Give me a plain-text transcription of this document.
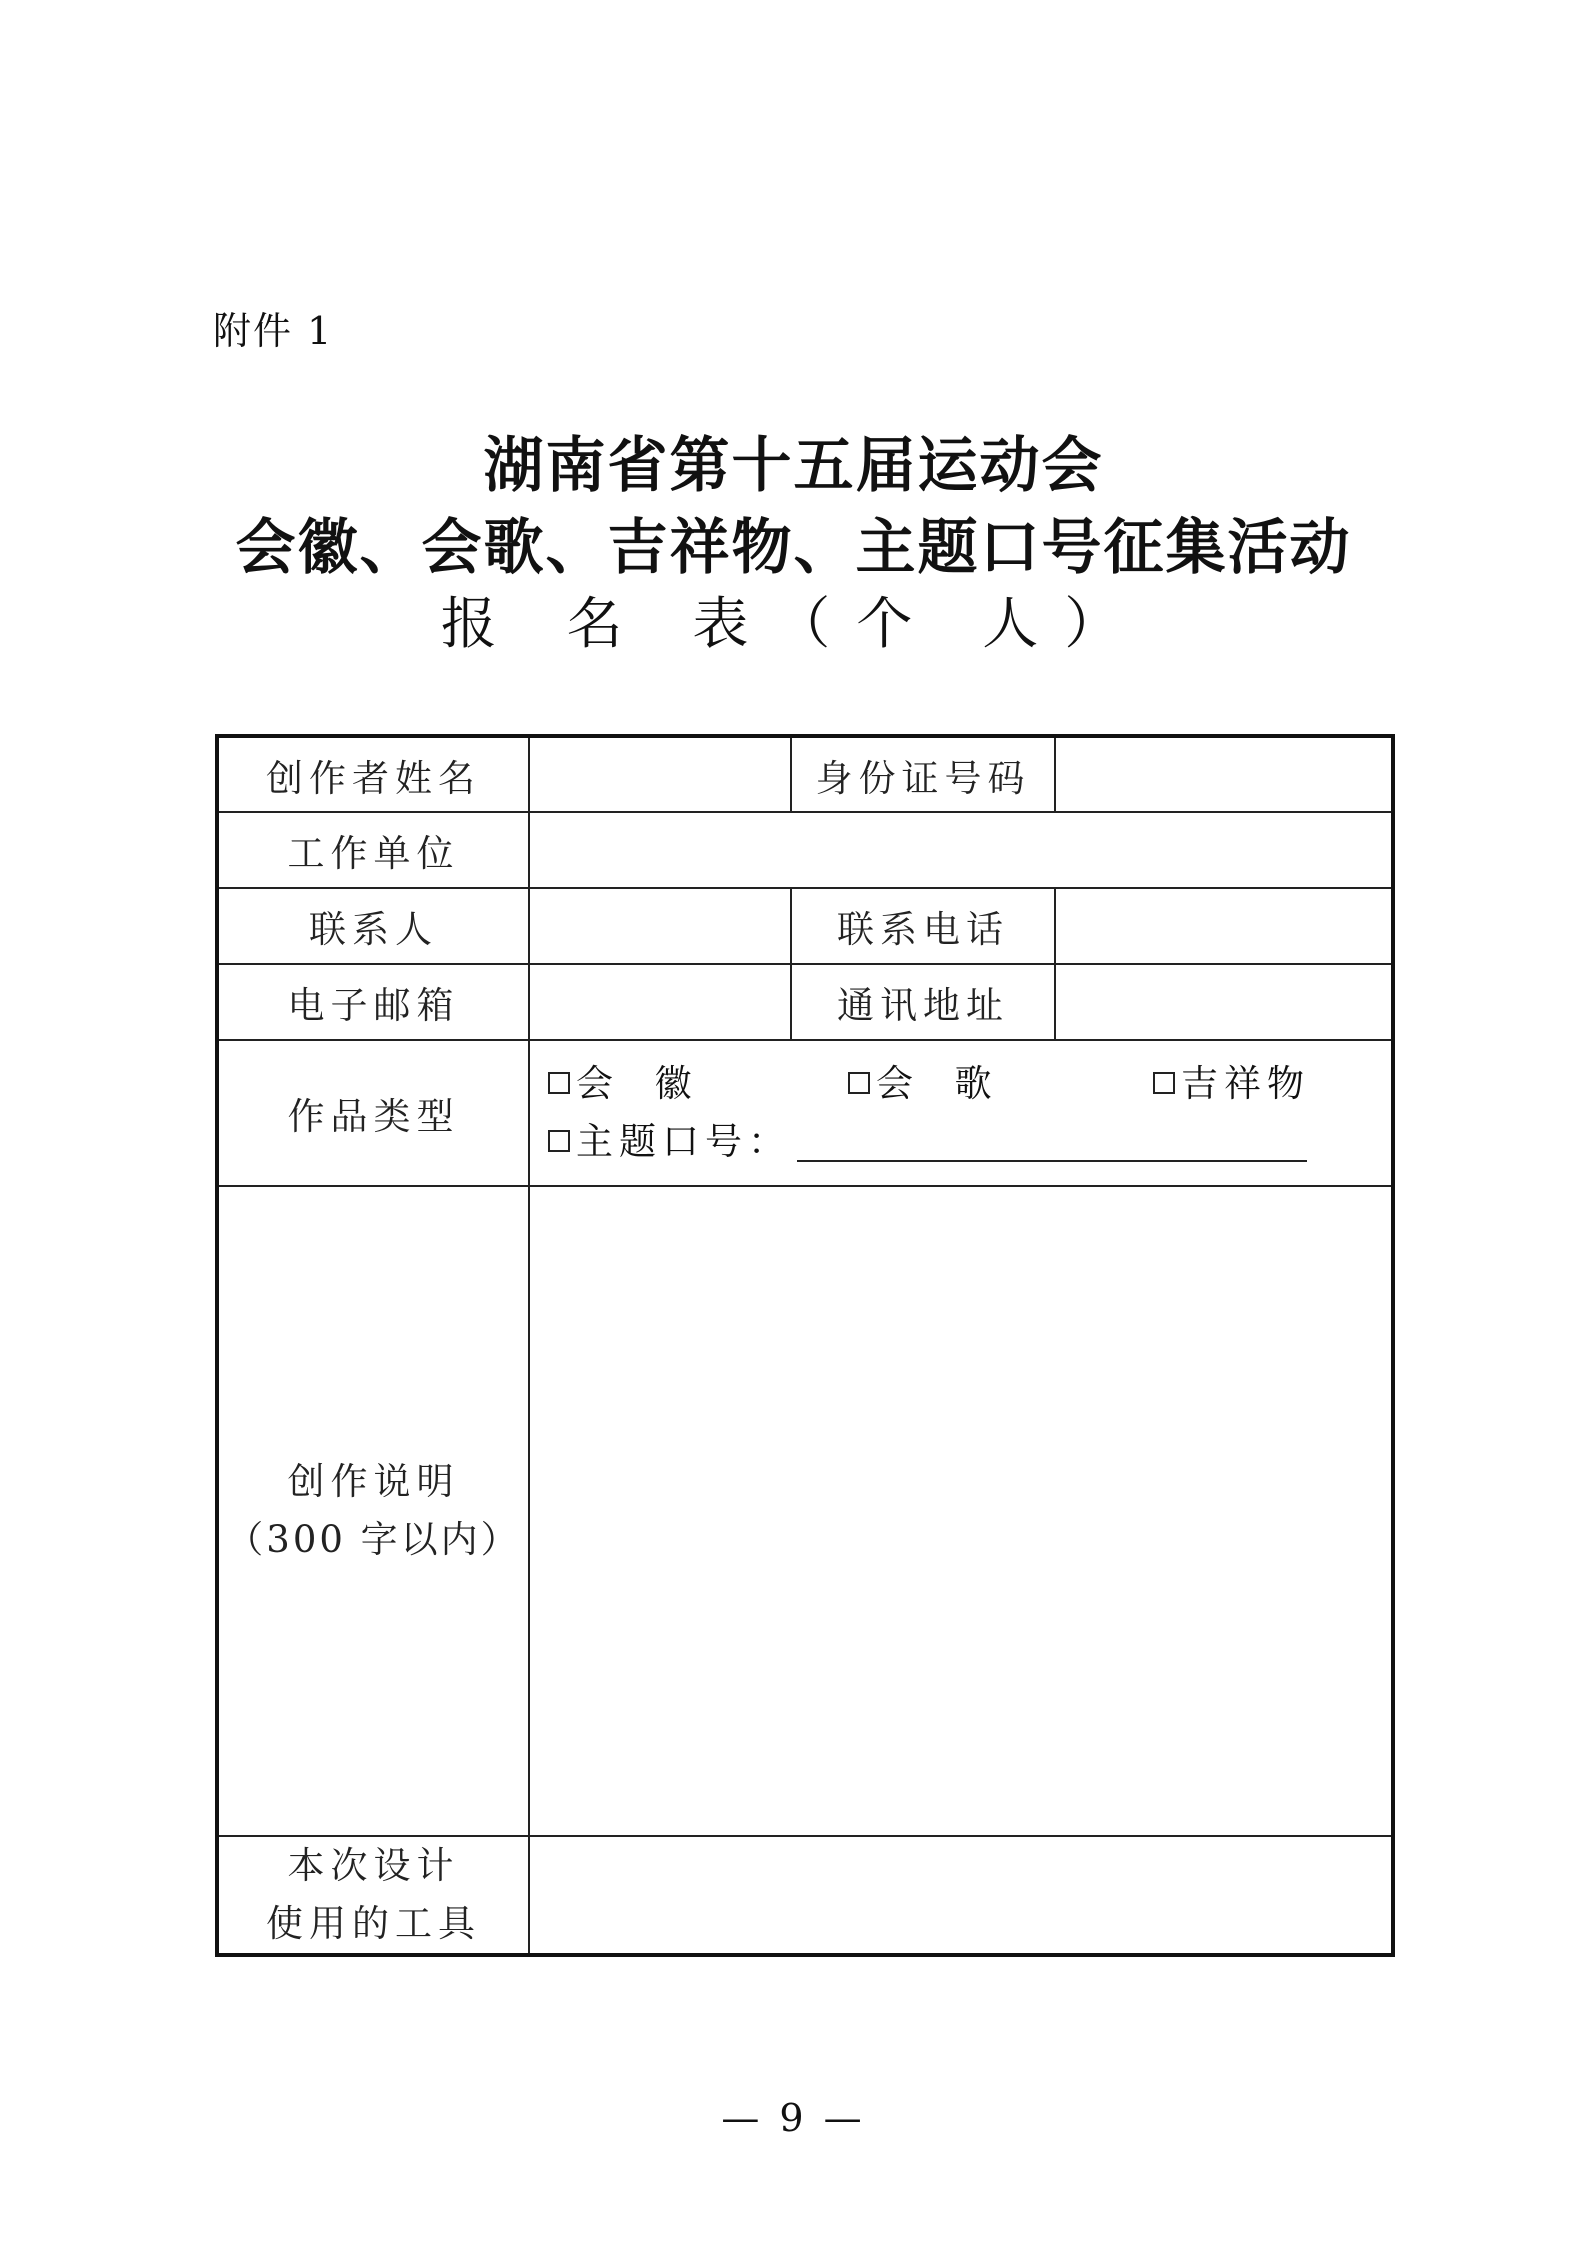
附件 1
湖南省第十五届运动会
会徽、会歌、吉祥物、主题口号征集活动
报 名 表（个 人）
创作者姓名		身份证号码	
工作单位			
联系人		联系电话	
电子邮箱		通讯地址	
作品类型	会  徽 会  歌 吉祥物
主题口号：		

创作说明
（300 字以内）			

本次设计
使用的工具			

— 9 —
